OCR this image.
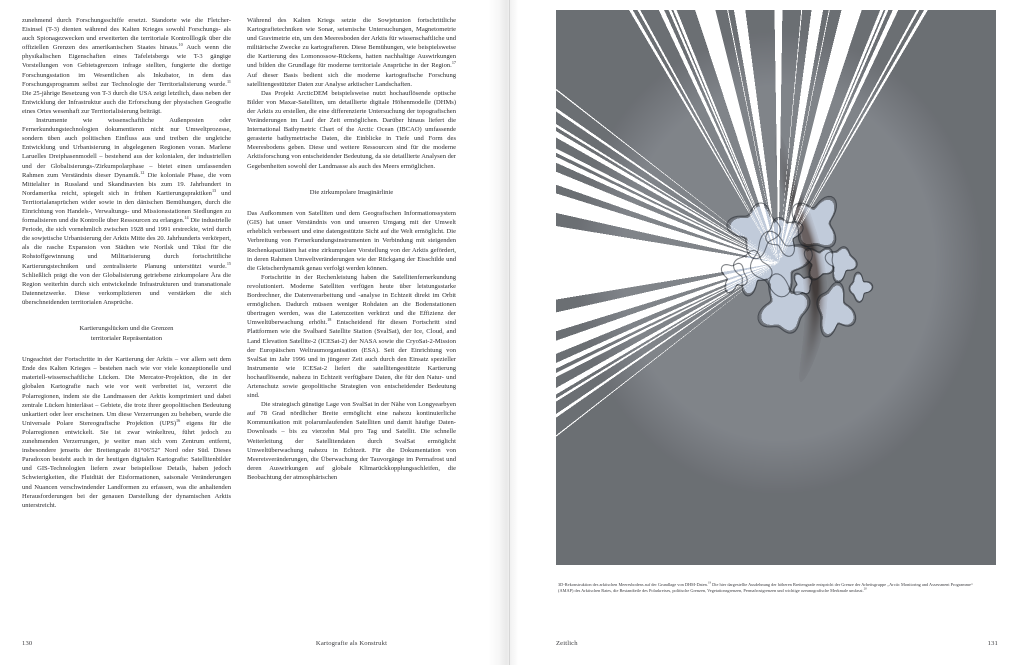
zunehmend durch Forschungsschiffe ersetzt. Standorte wie die Fletcher-Eisinsel (T-3) dienten während des Kalten Krieges sowohl Forschungs- als auch Spionagezwecken und erweiterten die territoriale Kontrolllogik über die offiziellen Grenzen des amerikanischen Staates hinaus.$^{10}$ Auch wenn die physikalischen Eigenschaften eines Tafeleisbergs wie T-3 gängige Vorstellungen von Gebietsgrenzen infrage stellten, fungierte die dortige Forschungsstation im Wesentlichen als Inkubator, in dem das Forschungsprogramm selbst zur Technologie der Territorialisierung wurde.$^{11}$ Die 25-jährige Besetzung von T-3 durch die USA zeigt letztlich, dass neben der Entwicklung der Infrastruktur auch die Erforschung der physischen Geografie eines Ortes wesenhaft zur Territorialisierung beiträgt.

Instrumente wie wissenschaftliche Außenposten oder Fernerkundungstechnologien dokumentieren nicht nur Umweltprozesse, sondern üben auch politischen Einfluss aus und treiben die ungleiche Entwicklung und Urbanisierung in abgelegenen Regionen voran. Marlene Laruelles Dreiphasenmodell – bestehend aus der kolonialen, der industriellen und der Globalisierungs-/Zirkumpolarphase – bietet einen umfassenden Rahmen zum Verständnis dieser Dynamik.$^{12}$ Die koloniale Phase, die vom Mittelalter in Russland und Skandinavien bis zum 19. Jahrhundert in Nordamerika reicht, spiegelt sich in frühen Kartierungspraktiken$^{13}$ und Territorialansprüchen wider sowie in den dänischen Bemühungen, durch die Einrichtung von Handels-, Verwaltungs- und Missionsstationen Siedlungen zu formalisieren und die Kontrolle über Ressourcen zu erlangen.$^{14}$ Die industrielle Periode, die sich vornehmlich zwischen 1928 und 1991 erstreckte, wird durch die sowjetische Urbanisierung der Arktis Mitte des 20. Jahrhunderts verkörpert, als die rasche Expansion von Städten wie Norilsk und Tiksi für die Rohstoffgewinnung und Militarisierung durch fortschrittliche Kartierungstechniken und zentralisierte Planung unterstützt wurde.$^{15}$ Schließlich prägt die von der Globalisierung getriebene zirkumpolare Ära die Region weiterhin durch sich entwickelnde Infrastrukturen und transnationale Datennetzwerke. Diese verkomplizieren und verstärken die sich überschneidenden territorialen Ansprüche.

Kartierungslücken und die Grenzen
territorialer Repräsentation

Ungeachtet der Fortschritte in der Kartierung der Arktis – vor allem seit dem Ende des Kalten Krieges – bestehen nach wie vor viele konzeptionelle und materiell-wissenschaftliche Lücken. Die Mercator-Projektion, die in der globalen Kartografie nach wie vor weit verbreitet ist, verzerrt die Polarregionen, indem sie die Landmassen der Arktis komprimiert und dabei zentrale Lücken hinterlässt – Gebiete, die trotz ihrer geopolitischen Bedeutung unkartiert oder leer erscheinen. Um diese Verzerrungen zu beheben, wurde die Universale Polare Stereografische Projektion (UPS)$^{16}$ eigens für die Polarregionen entwickelt. Sie ist zwar winkeltreu, führt jedoch zu zunehmenden Verzerrungen, je weiter man sich vom Zentrum entfernt, insbesondere jenseits der Breitengrade 81°06′52″ Nord oder Süd. Dieses Paradoxon besteht auch in der heutigen digitalen Kartografie: Satellitenbilder und GIS-Technologien liefern zwar beispiellose Details, haben jedoch Schwierigkeiten, die Fluidität der Eisformationen, saisonale Veränderungen und Nuancen verschwindender Landformen zu erfassen, was die anhaltenden Herausforderungen bei der genauen Darstellung der dynamischen Arktis unterstreicht.

Während des Kalten Kriegs setzte die Sowjetunion fortschrittliche Kartografietechniken wie Sonar, seismische Untersuchungen, Magnetometrie und Gravimetrie ein, um den Meeresboden der Arktis für wissenschaftliche und militärische Zwecke zu kartografieren. Diese Bemühungen, wie beispielsweise die Kartierung des Lomonossow-Rückens, hatten nachhaltige Auswirkungen und bilden die Grundlage für moderne territoriale Ansprüche in der Region.$^{17}$ Auf dieser Basis bedient sich die moderne kartografische Forschung satellitengestützter Daten zur Analyse arktischer Landschaften.

Das Projekt ArcticDEM beispielsweise nutzt hochauflösende optische Bilder von Maxar-Satelliten, um detaillierte digitale Höhenmodelle (DHMs) der Arktis zu erstellen, die eine differenzierte Untersuchung der topografischen Veränderungen im Lauf der Zeit ermöglichen. Darüber hinaus liefert die International Bathymetric Chart of the Arctic Ocean (IBCAO) umfassende gerasterte bathymetrische Daten, die Einblicke in Tiefe und Form des Meeresbodens geben. Diese und weitere Ressourcen sind für die moderne Arktisforschung von entscheidender Bedeutung, da sie detaillierte Analysen der Gegebenheiten sowohl der Landmasse als auch des Meers ermöglichen.

Die zirkumpolare Imaginärlinie

Das Aufkommen von Satelliten und dem Geografischen Informationssystem (GIS) hat unser Verständnis von und unseren Umgang mit der Umwelt erheblich verbessert und eine datengestützte Sicht auf die Welt ermöglicht. Die Verbreitung von Fernerkundungsinstrumenten in Verbindung mit steigenden Rechenkapazitäten hat eine zirkumpolare Vorstellung von der Arktis gefördert, in deren Rahmen Umweltveränderungen wie der Rückgang der Eisschilde und die Gletscherdynamik genau verfolgt werden können.

Fortschritte in der Rechenleistung haben die Satellitenfernerkundung revolutioniert. Moderne Satelliten verfügen heute über leistungsstarke Bordrechner, die Datenverarbeitung und -analyse in Echtzeit direkt im Orbit ermöglichen. Dadurch müssen weniger Rohdaten an die Bodenstationen übertragen werden, was die Latenzzeiten verkürzt und die Effizienz der Umweltüberwachung erhöht.$^{18}$ Entscheidend für diesen Fortschritt sind Plattformen wie die Svalbard Satellite Station (SvalSat), der Ice, Cloud, and Land Elevation Satellite-2 (ICESat-2) der NASA sowie die CryoSat-2-Mission der Europäischen Weltraumorganisation (ESA). Seit der Einrichtung von SvalSat im Jahr 1996 und in jüngerer Zeit auch durch den Einsatz spezieller Instrumente wie ICESat-2 liefert die satellitengestützte Kartierung hochauflösende, nahezu in Echtzeit verfügbare Daten, die für den Natur- und Artenschutz sowie geopolitische Strategien von entscheidender Bedeutung sind.

Die strategisch günstige Lage von SvalSat in der Nähe von Longyearbyen auf 78 Grad nördlicher Breite ermöglicht eine nahezu kontinuierliche Kommunikation mit polarumlaufenden Satelliten und damit häufige Daten-Downloads – bis zu vierzehn Mal pro Tag und Satellit. Die schnelle Weiterleitung der Satellitendaten durch SvalSat ermöglicht Umweltüberwachung nahezu in Echtzeit. Für die Dokumentation von Meereisveränderungen, die Überwachung der Tauvorgänge im Permafrost und deren Auswirkungen auf globale Klimarückkopplungsschleifen, die Beobachtung der atmosphärischen

130	Kartografie als Konstrukt
3D-Rekonstruktion des arktischen Meeresbodens auf der Grundlage von DHM-Daten.$^{19}$ Die hier dargestellte Ausdehnung der höheren Breitengrade entspricht der Grenze der Arbeitsgruppe „Arctic Monitoring and Assessment Programme“ (AMAP) des Arktischen Rates, die Bestandteile des Polarkreises, politische Grenzen, Vegetationsgrenzen, Permafrostgrenzen und wichtige ozeanografische Merkmale umfasst.$^{20}$
Zeitlich	131
